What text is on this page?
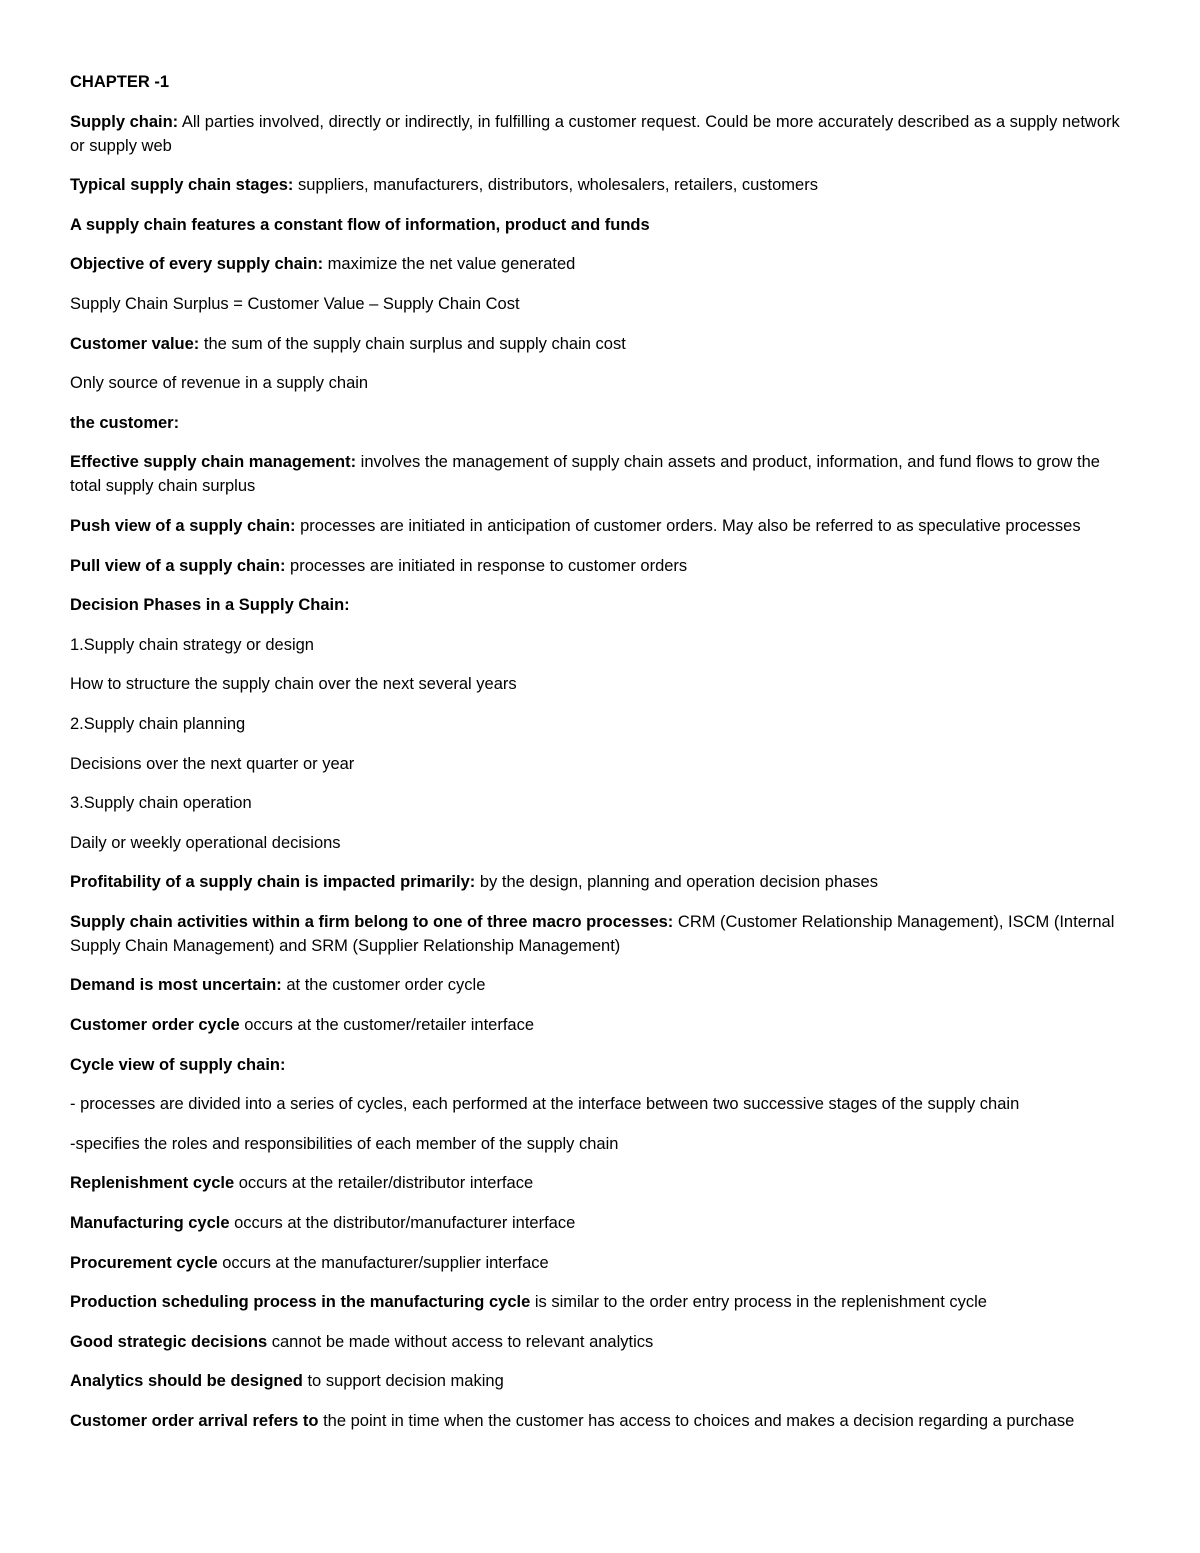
CHAPTER -1

Supply chain: All parties involved, directly or indirectly, in fulfilling a customer request. Could be more accurately described as a supply network or supply web

Typical supply chain stages: suppliers, manufacturers, distributors, wholesalers, retailers, customers

A supply chain features a constant flow of information, product and funds

Objective of every supply chain: maximize the net value generated

Supply Chain Surplus = Customer Value – Supply Chain Cost

Customer value: the sum of the supply chain surplus and supply chain cost

Only source of revenue in a supply chain

the customer:

Effective supply chain management: involves the management of supply chain assets and product, information, and fund flows to grow the total supply chain surplus

Push view of a supply chain: processes are initiated in anticipation of customer orders. May also be referred to as speculative processes

Pull view of a supply chain: processes are initiated in response to customer orders

Decision Phases in a Supply Chain:

1.Supply chain strategy or design

How to structure the supply chain over the next several years

2.Supply chain planning

Decisions over the next quarter or year

3.Supply chain operation

Daily or weekly operational decisions

Profitability of a supply chain is impacted primarily: by the design, planning and operation decision phases

Supply chain activities within a firm belong to one of three macro processes: CRM (Customer Relationship Management), ISCM (Internal Supply Chain Management) and SRM (Supplier Relationship Management)

Demand is most uncertain: at the customer order cycle

Customer order cycle occurs at the customer/retailer interface

Cycle view of supply chain:

- processes are divided into a series of cycles, each performed at the interface between two successive stages of the supply chain

-specifies the roles and responsibilities of each member of the supply chain

Replenishment cycle occurs at the retailer/distributor interface

Manufacturing cycle occurs at the distributor/manufacturer interface

Procurement cycle occurs at the manufacturer/supplier interface

Production scheduling process in the manufacturing cycle is similar to the order entry process in the replenishment cycle

Good strategic decisions cannot be made without access to relevant analytics

Analytics should be designed to support decision making

Customer order arrival refers to the point in time when the customer has access to choices and makes a decision regarding a purchase
